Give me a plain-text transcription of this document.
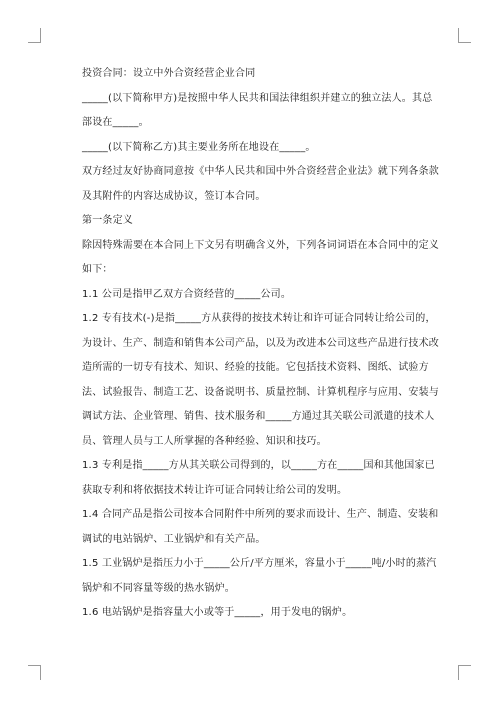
投资合同：设立中外合资经营企业合同

_____(以下简称甲方)是按照中华人民共和国法律组织并建立的独立法人。其总部设在_____。

_____(以下简称乙方)其主要业务所在地设在_____。

双方经过友好协商同意按《中华人民共和国中外合资经营企业法》就下列各条款及其附件的内容达成协议，签订本合同。

第一条定义

除因特殊需要在本合同上下文另有明确含义外，下列各词词语在本合同中的定义如下：

1.1 公司是指甲乙双方合资经营的_____公司。

1.2 专有技术(-)是指_____方从获得的按技术转让和许可证合同转让给公司的，为设计、生产、制造和销售本公司产品，以及为改进本公司这些产品进行技术改造所需的一切专有技术、知识、经验的技能。它包括技术资料、图纸、试验方法、试验报告、制造工艺、设备说明书、质量控制、计算机程序与应用、安装与调试方法、企业管理、销售、技术服务和_____方通过其关联公司派遣的技术人员、管理人员与工人所掌握的各种经验、知识和技巧。

1.3 专利是指_____方从其关联公司得到的，以_____方在_____国和其他国家已获取专利和将依据技术转让许可证合同转让给公司的发明。

1.4 合同产品是指公司按本合同附件中所列的要求而设计、生产、制造、安装和调试的电站锅炉、工业锅炉和有关产品。

1.5 工业锅炉是指压力小于_____公斤/平方厘米，容量小于_____吨/小时的蒸汽锅炉和不同容量等级的热水锅炉。

1.6 电站锅炉是指容量大小或等于_____，用于发电的锅炉。
